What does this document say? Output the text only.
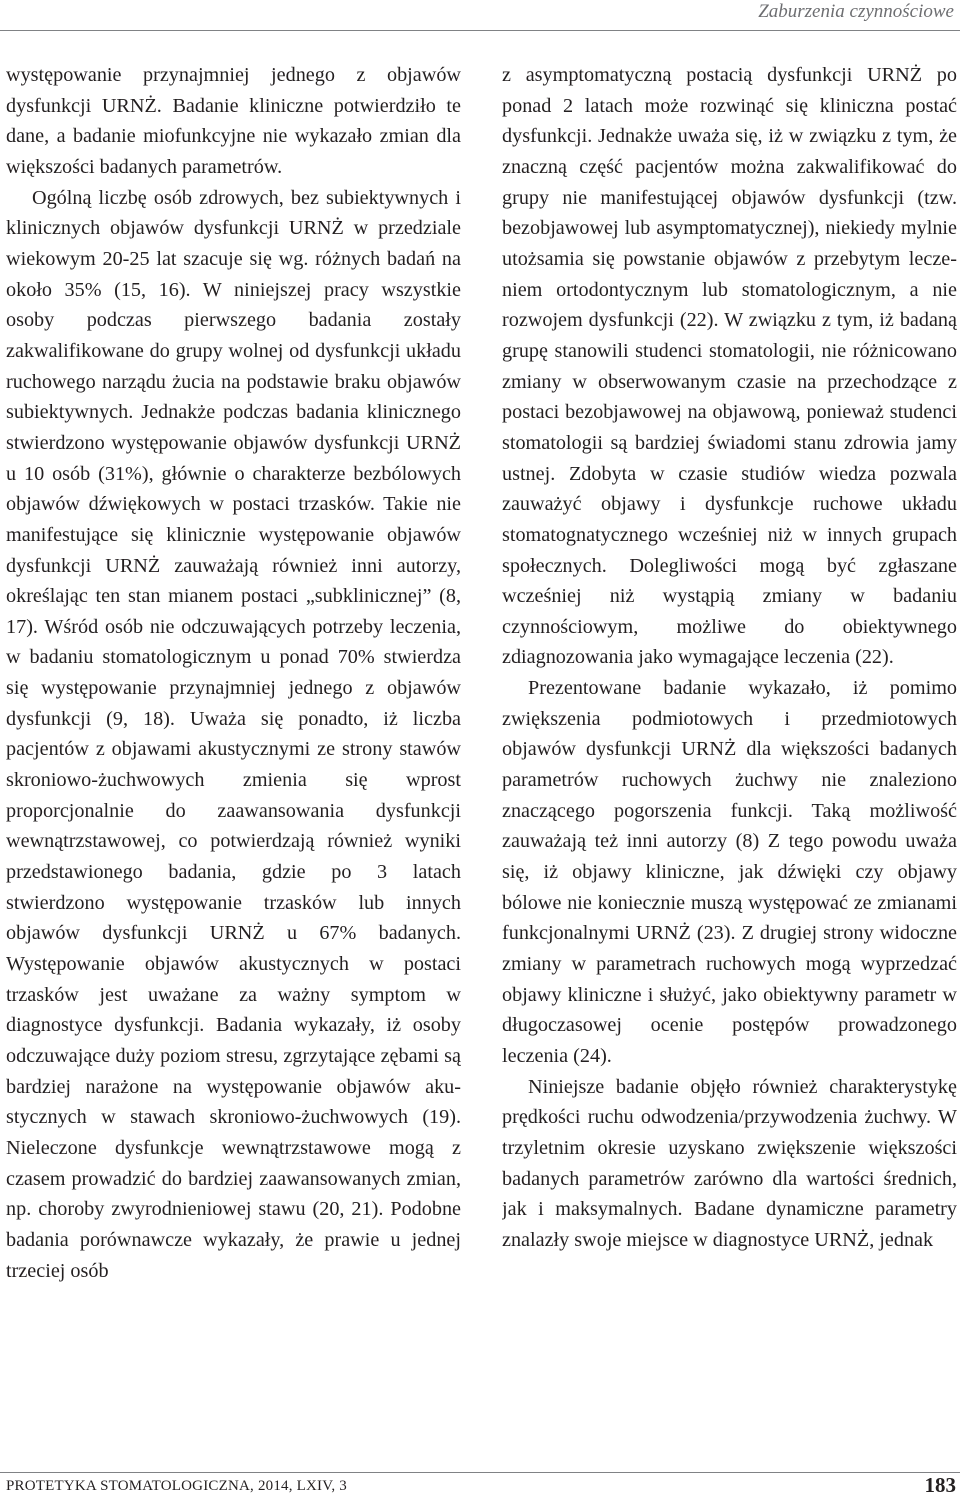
Zaburzenia czynnościowe

występowanie przynajmniej jednego z objawów dysfunkcji URNŻ. Badanie kliniczne potwierdziło te dane, a badanie miofunkcyjne nie wykazało zmian dla większości badanych parametrów.

Ogólną liczbę osób zdrowych, bez subiektywnych i klinicznych objawów dysfunkcji URNŻ w przedziale wiekowym 20-25 lat szacuje się wg. różnych badań na około 35% (15, 16). W niniejszej pracy wszystkie osoby podczas pierwszego badania zostały zakwalifikowane do grupy wolnej od dysfunkcji układu ruchowego narządu żucia na podstawie braku objawów subiektywnych. Jednakże podczas badania klinicznego stwierdzono występowanie objawów dysfunkcji URNŻ u 10 osób (31%), głównie o charakterze bezbólowych objawów dźwiękowych w postaci trzasków. Takie nie manifestujące się klinicznie występowanie objawów dysfunkcji URNŻ zauważają również inni autorzy, określając ten stan mianem postaci „subklinicznej” (8, 17). Wśród osób nie odczuwających potrzeby leczenia, w badaniu stomatologicznym u ponad 70% stwierdza się występowanie przynajmniej jednego z objawów dysfunkcji (9, 18). Uważa się ponadto, iż liczba pacjentów z objawami akustycznymi ze strony stawów skroniowo-żuchwowych zmienia się wprost proporcjonalnie do zaawansowania dysfunkcji wewnątrzstawowej, co potwierdzają również wyniki przedstawionego badania, gdzie po 3 latach stwierdzono występowanie trzasków lub innych objawów dysfunkcji URNŻ u 67% badanych. Występowanie objawów akustycznych w postaci trzasków jest uważane za ważny symptom w diagnostyce dysfunkcji. Badania wykazały, iż osoby odczuwające duży poziom stresu, zgrzytające zębami są bardziej narażone na występowanie objawów akustycznych w stawach skroniowo-żuchwowych (19). Nieleczone dysfunkcje wewnątrzstawowe mogą z czasem prowadzić do bardziej zaawansowanych zmian, np. choroby zwyrodnieniowej stawu (20, 21). Podobne badania porównawcze wykazały, że prawie u jednej trzeciej osób

z asymptomatyczną postacią dysfunkcji URNŻ po ponad 2 latach może rozwinąć się kliniczna postać dysfunkcji. Jednakże uważa się, iż w związku z tym, że znaczną część pacjentów można zakwalifikować do grupy nie manifestującej objawów dysfunkcji (tzw. bezobjawowej lub asymptomatycznej), niekiedy mylnie utożsamia się powstanie objawów z przebytym leczeniem ortodontycznym lub stomatologicznym, a nie rozwojem dysfunkcji (22). W związku z tym, iż badaną grupę stanowili studenci stomatologii, nie różnicowano zmiany w obserwowanym czasie na przechodzące z postaci bezobjawowej na objawową, ponieważ studenci stomatologii są bardziej świadomi stanu zdrowia jamy ustnej. Zdobyta w czasie studiów wiedza pozwala zauważyć objawy i dysfunkcje ruchowe układu stomatognatycznego wcześniej niż w innych grupach społecznych. Dolegliwości mogą być zgłaszane wcześniej niż wystąpią zmiany w badaniu czynnościowym, możliwe do obiektywnego zdiagnozowania jako wymagające leczenia (22).

Prezentowane badanie wykazało, iż pomimo zwiększenia podmiotowych i przedmiotowych objawów dysfunkcji URNŻ dla większości badanych parametrów ruchowych żuchwy nie znaleziono znaczącego pogorszenia funkcji. Taką możliwość zauważają też inni autorzy (8) Z tego powodu uważa się, iż objawy kliniczne, jak dźwięki czy objawy bólowe nie koniecznie muszą występować ze zmianami funkcjonalnymi URNŻ (23). Z drugiej strony widoczne zmiany w parametrach ruchowych mogą wyprzedzać objawy kliniczne i służyć, jako obiektywny parametr w długoczasowej ocenie postępów prowadzonego leczenia (24).

Niniejsze badanie objęło również charakterystykę prędkości ruchu odwodzenia/przywodzenia żuchwy. W trzyletnim okresie uzyskano zwiększenie większości badanych parametrów zarówno dla wartości średnich, jak i maksymalnych. Badane dynamiczne parametry znalazły swoje miejsce w diagnostyce URNŻ, jednak

PROTETYKA STOMATOLOGICZNA, 2014, LXIV, 3	183
